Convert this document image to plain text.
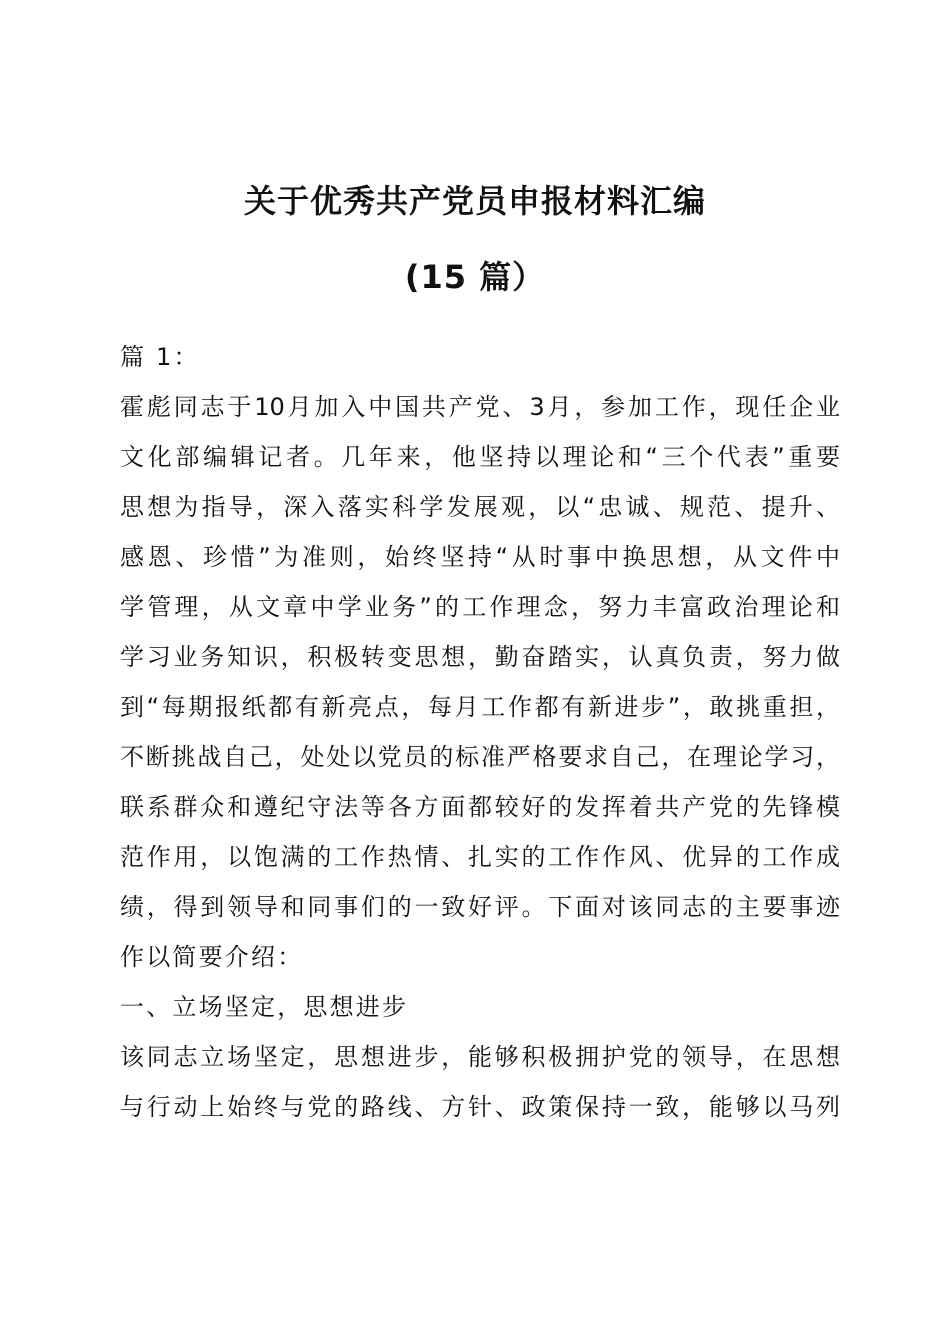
关于优秀共产党员申报材料汇编
(15 篇）
篇 1：
霍彪同志于10月加入中国共产党、3月，参加工作，现任企业
文化部编辑记者。几年来，他坚持以理论和“三个代表”重要
思想为指导，深入落实科学发展观，以“忠诚、规范、提升、
感恩、珍惜”为准则，始终坚持“从时事中换思想，从文件中
学管理，从文章中学业务”的工作理念，努力丰富政治理论和
学习业务知识，积极转变思想，勤奋踏实，认真负责，努力做
到“每期报纸都有新亮点，每月工作都有新进步”，敢挑重担，
不断挑战自己，处处以党员的标准严格要求自己，在理论学习，
联系群众和遵纪守法等各方面都较好的发挥着共产党的先锋模
范作用，以饱满的工作热情、扎实的工作作风、优异的工作成
绩，得到领导和同事们的一致好评。下面对该同志的主要事迹
作以简要介绍：
一、立场坚定，思想进步
该同志立场坚定，思想进步，能够积极拥护党的领导，在思想
与行动上始终与党的路线、方针、政策保持一致，能够以马列
